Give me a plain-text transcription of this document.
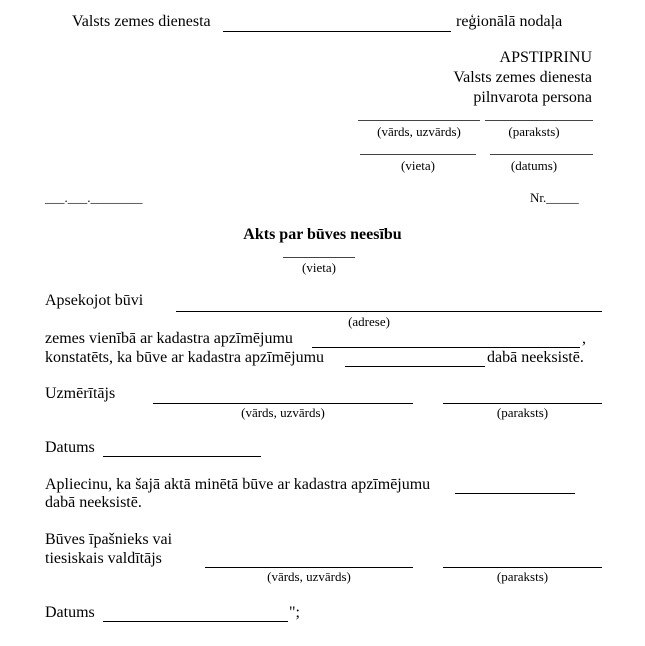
Valsts zemes dienesta	reģionālā nodaļa
APSTIPRINU
Valsts zemes dienesta
pilnvarota persona
(vārds, uzvārds)	(paraksts)
(vieta)	(datums)
___.___.________	Nr._____
Akts par būves neesību
(vieta)
Apsekojot būvi
(adrese)
zemes vienībā ar kadastra apzīmējumu	,
konstatēts, ka būve ar kadastra apzīmējumu	dabā neeksistē.
Uzmērītājs
(vārds, uzvārds)	(paraksts)
Datums
Apliecinu, ka šajā aktā minētā būve ar kadastra apzīmējumu
dabā neeksistē.
Būves īpašnieks vai
tiesiskais valdītājs
(vārds, uzvārds)	(paraksts)
Datums	";
